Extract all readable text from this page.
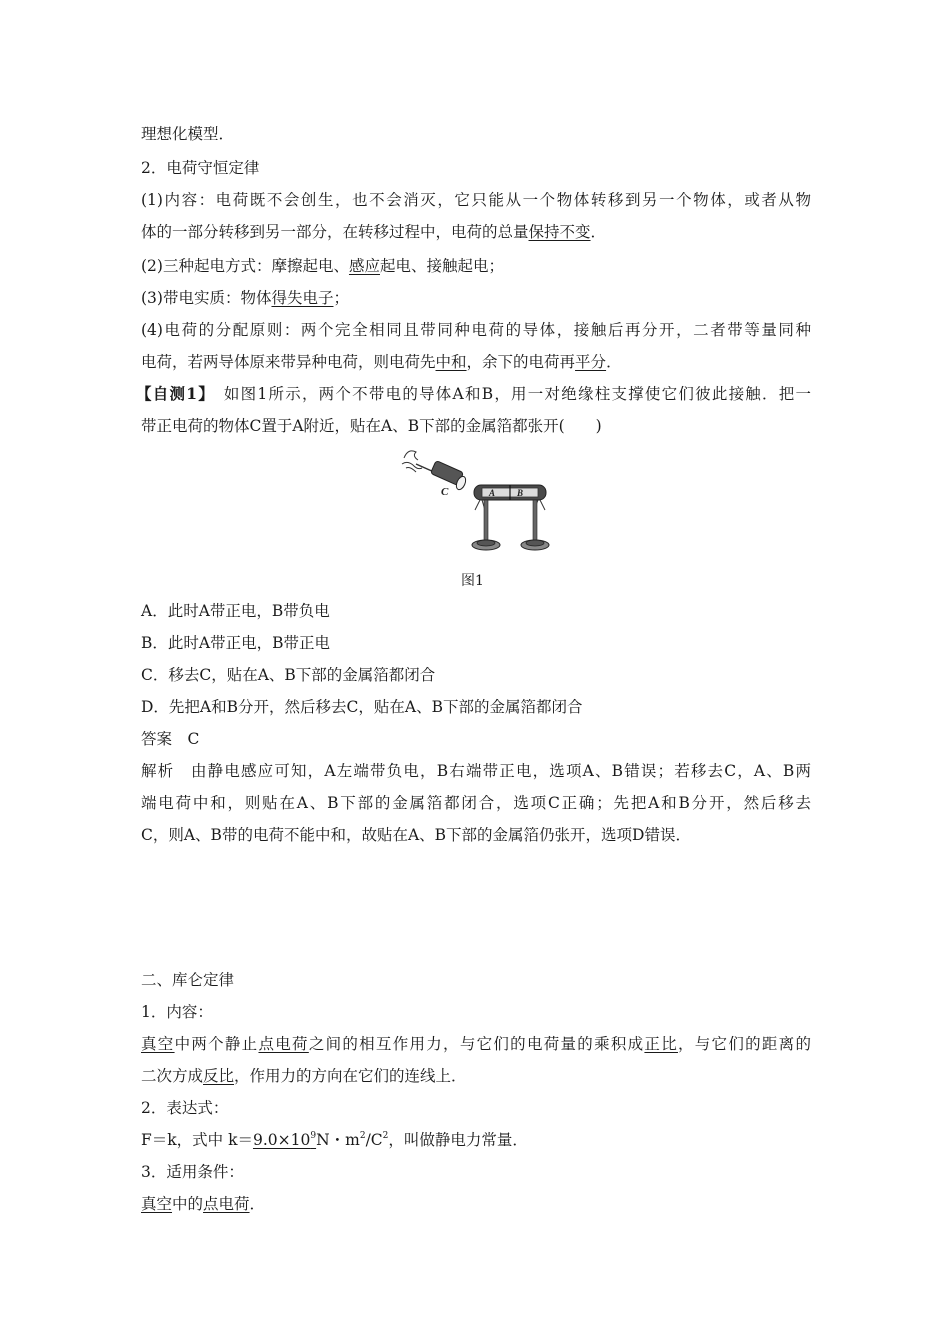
理想化模型．
2．电荷守恒定律
(1)内容：电荷既不会创生，也不会消灭，它只能从一个物体转移到另一个物体，或者从物
体的一部分转移到另一部分，在转移过程中，电荷的总量保持不变．
(2)三种起电方式：摩擦起电、感应起电、接触起电；
(3)带电实质：物体得失电子；
(4)电荷的分配原则：两个完全相同且带同种电荷的导体，接触后再分开，二者带等量同种
电荷，若两导体原来带异种电荷，则电荷先中和，余下的电荷再平分．
【自测1】　如图1所示，两个不带电的导体A和B，用一对绝缘柱支撑使它们彼此接触．把一
带正电荷的物体C置于A附近，贴在A、B下部的金属箔都张开(　　)
C	A B
图1
A．此时A带正电，B带负电
B．此时A带正电，B带正电
C．移去C，贴在A、B下部的金属箔都闭合
D．先把A和B分开，然后移去C，贴在A、B下部的金属箔都闭合
答案　C
解析　由静电感应可知，A左端带负电，B右端带正电，选项A、B错误；若移去C，A、B两
端电荷中和，则贴在A、B下部的金属箔都闭合，选项C正确；先把A和B分开，然后移去
C，则A、B带的电荷不能中和，故贴在A、B下部的金属箔仍张开，选项D错误．
二、库仑定律
1．内容：
真空中两个静止点电荷之间的相互作用力，与它们的电荷量的乘积成正比，与它们的距离的
二次方成反比，作用力的方向在它们的连线上．
2．表达式：
F＝k，式中 $k=9.0\times 10^9N$・$m^2/C^2$，叫做静电力常量．
3．适用条件：
真空中的点电荷．
